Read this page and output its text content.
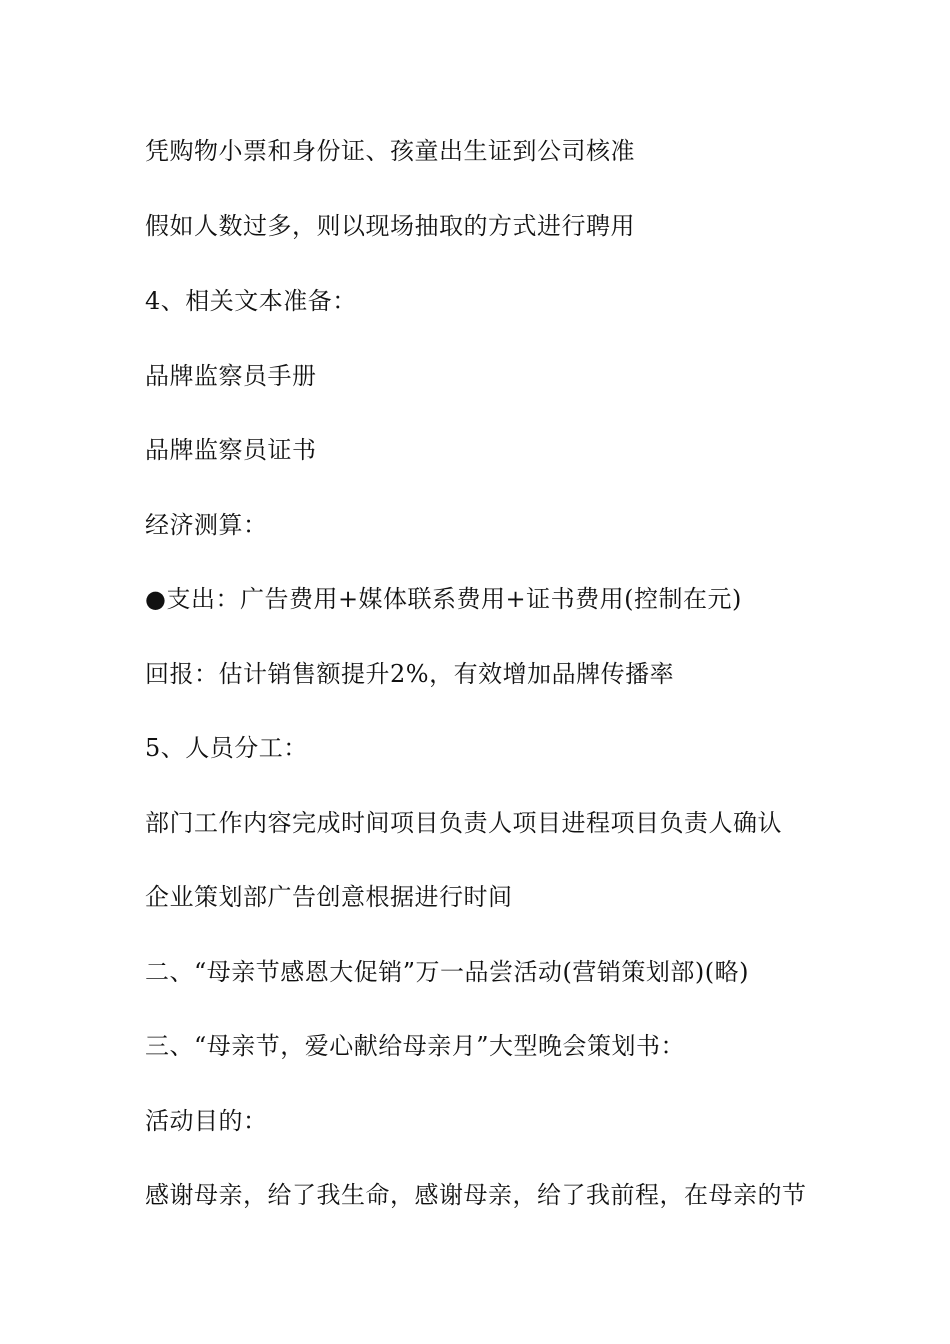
凭购物小票和身份证、孩童出生证到公司核准
假如人数过多，则以现场抽取的方式进行聘用
4、相关文本准备：
品牌监察员手册
品牌监察员证书
经济测算：
●支出：广告费用+媒体联系费用+证书费用(控制在元)
回报：估计销售额提升2%，有效增加品牌传播率
5、人员分工：
部门工作内容完成时间项目负责人项目进程项目负责人确认
企业策划部广告创意根据进行时间
二、“母亲节感恩大促销”万一品尝活动(营销策划部)(略)
三、“母亲节，爱心献给母亲月”大型晚会策划书：
活动目的：
感谢母亲，给了我生命，感谢母亲，给了我前程，在母亲的节
